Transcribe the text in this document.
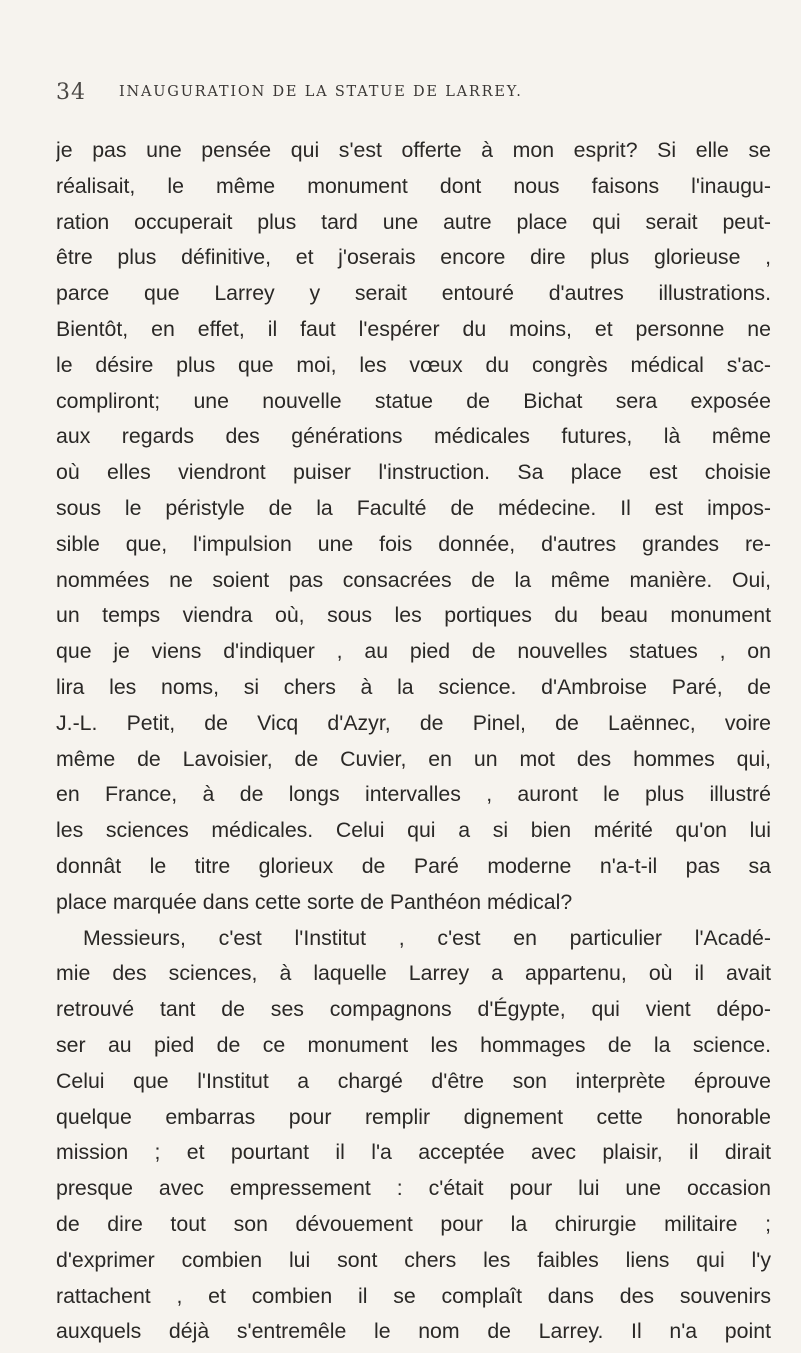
34 INAUGURATION DE LA STATUE DE LARREY.
je pas une pensée qui s'est offerte à mon esprit? Si elle se
réalisait, le même monument dont nous faisons l'inaugu-
ration occuperait plus tard une autre place qui serait peut-
être plus définitive, et j'oserais encore dire plus glorieuse ,
parce que Larrey y serait entouré d'autres illustrations.
Bientôt, en effet, il faut l'espérer du moins, et personne ne
le désire plus que moi, les vœux du congrès médical s'ac-
compliront; une nouvelle statue de Bichat sera exposée
aux regards des générations médicales futures, là même
où elles viendront puiser l'instruction. Sa place est choisie
sous le péristyle de la Faculté de médecine. Il est impos-
sible que, l'impulsion une fois donnée, d'autres grandes re-
nommées ne soient pas consacrées de la même manière. Oui,
un temps viendra où, sous les portiques du beau monument
que je viens d'indiquer , au pied de nouvelles statues , on
lira les noms, si chers à la science. d'Ambroise Paré, de
J.-L. Petit, de Vicq d'Azyr, de Pinel, de Laënnec, voire
même de Lavoisier, de Cuvier, en un mot des hommes qui,
en France, à de longs intervalles , auront le plus illustré
les sciences médicales. Celui qui a si bien mérité qu'on lui
donnât le titre glorieux de Paré moderne n'a-t-il pas sa
place marquée dans cette sorte de Panthéon médical?
Messieurs, c'est l'Institut , c'est en particulier l'Acadé-
mie des sciences, à laquelle Larrey a appartenu, où il avait
retrouvé tant de ses compagnons d'Égypte, qui vient dépo-
ser au pied de ce monument les hommages de la science.
Celui que l'Institut a chargé d'être son interprète éprouve
quelque embarras pour remplir dignement cette honorable
mission ; et pourtant il l'a acceptée avec plaisir, il dirait
presque avec empressement : c'était pour lui une occasion
de dire tout son dévouement pour la chirurgie militaire ;
d'exprimer combien lui sont chers les faibles liens qui l'y
rattachent , et combien il se complaît dans des souvenirs
auxquels déjà s'entremêle le nom de Larrey. Il n'a point
